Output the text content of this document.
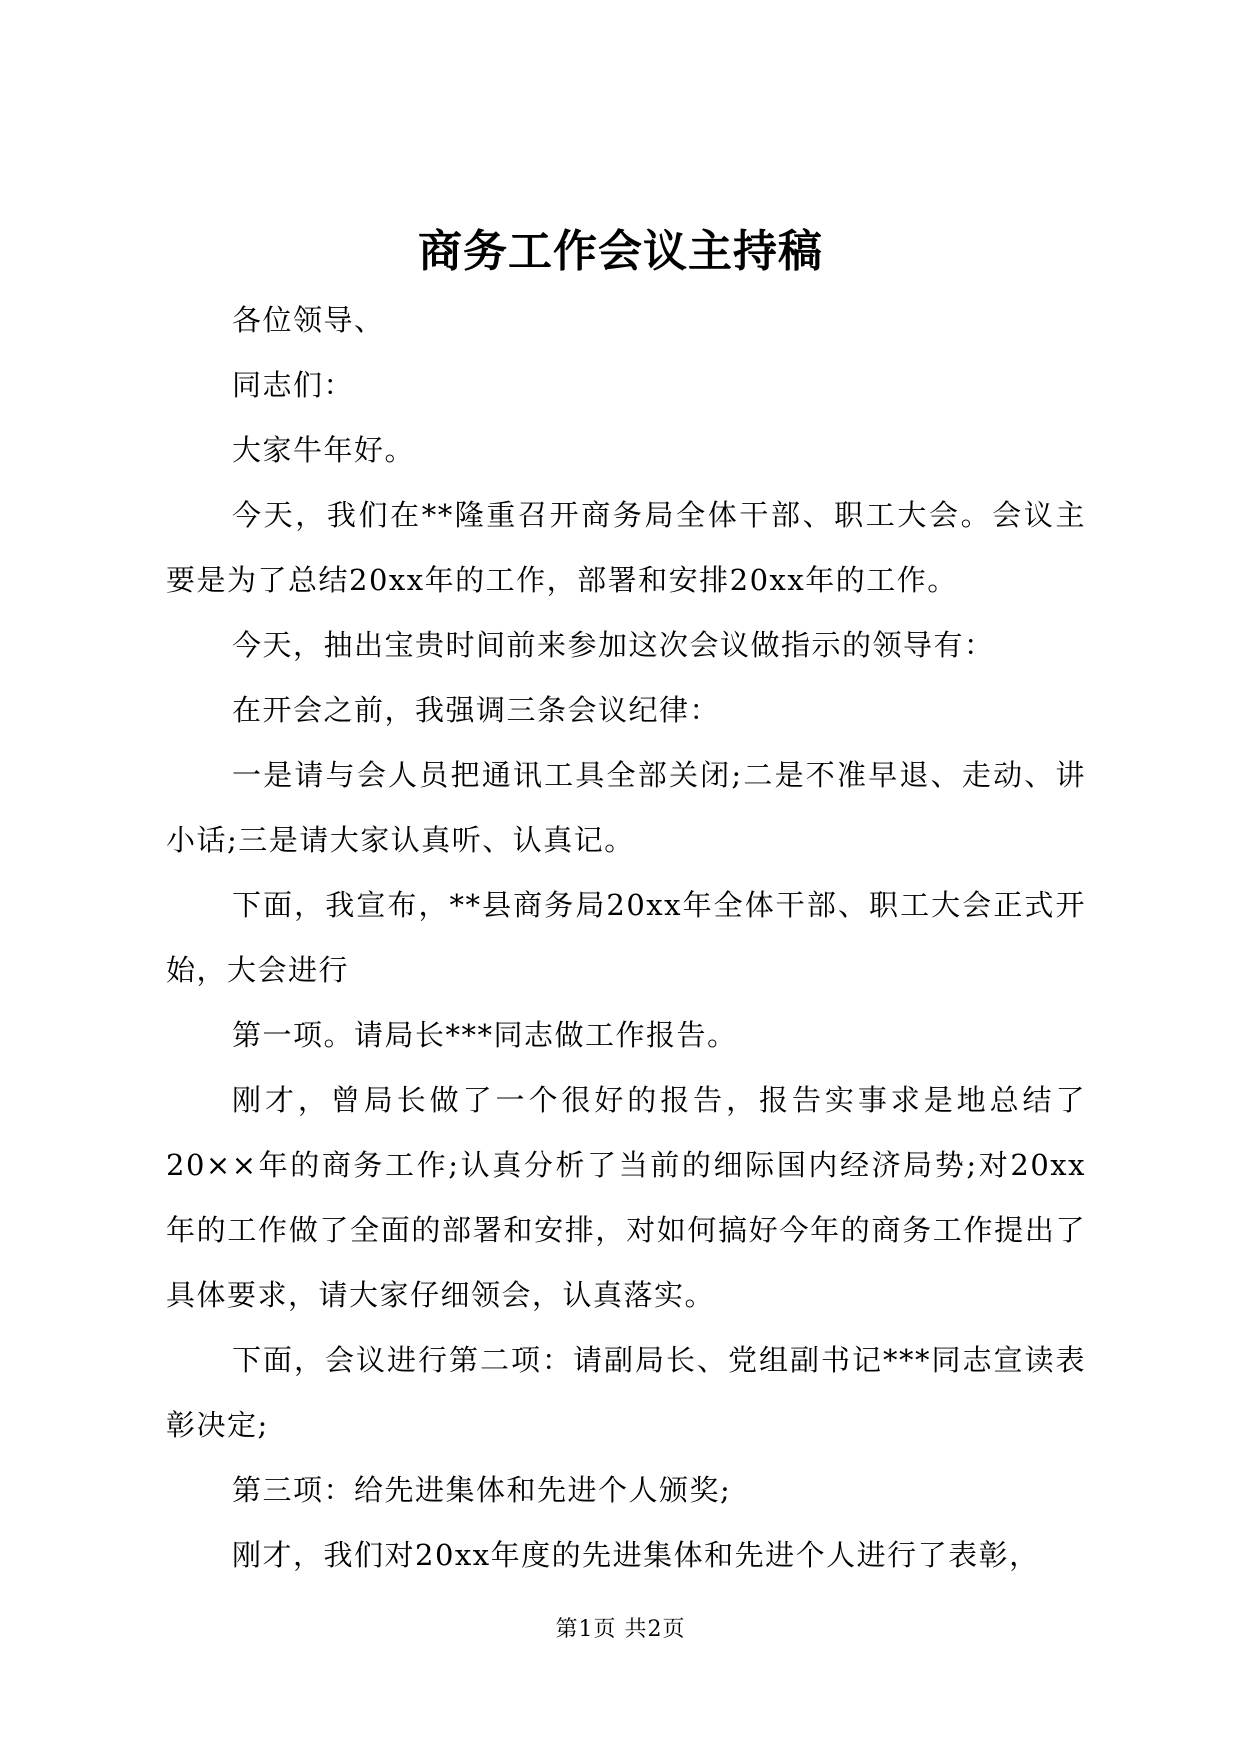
商务工作会议主持稿

各位领导、

同志们：

大家牛年好。

今天，我们在**隆重召开商务局全体干部、职工大会。会议主要是为了总结20xx年的工作，部署和安排20xx年的工作。

今天，抽出宝贵时间前来参加这次会议做指示的领导有：

在开会之前，我强调三条会议纪律：

一是请与会人员把通讯工具全部关闭;二是不准早退、走动、讲小话;三是请大家认真听、认真记。

下面，我宣布，**县商务局20xx年全体干部、职工大会正式开始，大会进行

第一项。请局长***同志做工作报告。

刚才，曾局长做了一个很好的报告，报告实事求是地总结了20××年的商务工作;认真分析了当前的细际国内经济局势;对20xx年的工作做了全面的部署和安排，对如何搞好今年的商务工作提出了具体要求，请大家仔细领会，认真落实。

下面，会议进行第二项：请副局长、党组副书记***同志宣读表彰决定;

第三项：给先进集体和先进个人颁奖;

刚才，我们对20xx年度的先进集体和先进个人进行了表彰，

第1页 共2页
